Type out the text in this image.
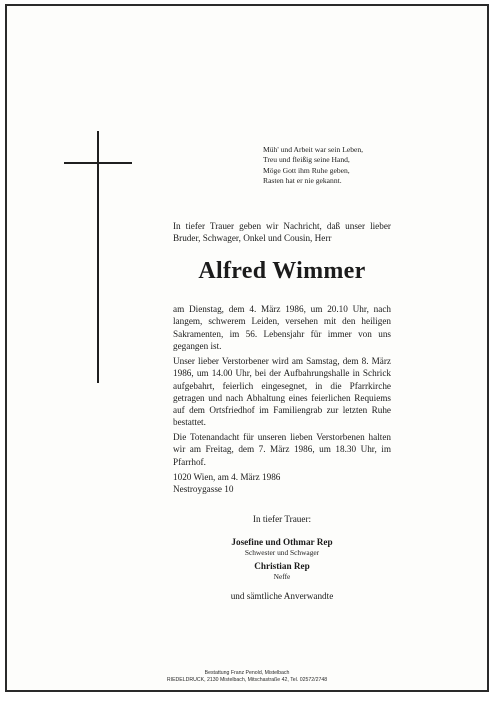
Müh' und Arbeit war sein Leben,
Treu und fleißig seine Hand,
Möge Gott ihm Ruhe geben,
Rasten hat er nie gekannt.
In tiefer Trauer geben wir Nachricht, daß unser lieber Bruder, Schwager, Onkel und Cousin, Herr
Alfred Wimmer
am Dienstag, dem 4. März 1986, um 20.10 Uhr, nach langem, schwerem Leiden, versehen mit den heiligen Sakramenten, im 56. Lebensjahr für immer von uns gegangen ist.
Unser lieber Verstorbener wird am Samstag, dem 8. März 1986, um 14.00 Uhr, bei der Aufbahrungshalle in Schrick aufgebahrt, feierlich eingesegnet, in die Pfarrkirche getragen und nach Abhaltung eines feierlichen Requiems auf dem Ortsfriedhof im Familiengrab zur letzten Ruhe bestattet.
Die Totenandacht für unseren lieben Verstorbenen halten wir am Freitag, dem 7. März 1986, um 18.30 Uhr, im Pfarrhof.
1020 Wien, am 4. März 1986
Nestroygasse 10
In tiefer Trauer:
Josefine und Othmar Rep
Schwester und Schwager
Christian Rep
Neffe
und sämtliche Anverwandte
Bestattung Franz Penold, Mistelbach
RIEDELDRUCK, 2130 Mistelbach, Mitschastraße 42, Tel. 02572/2748
